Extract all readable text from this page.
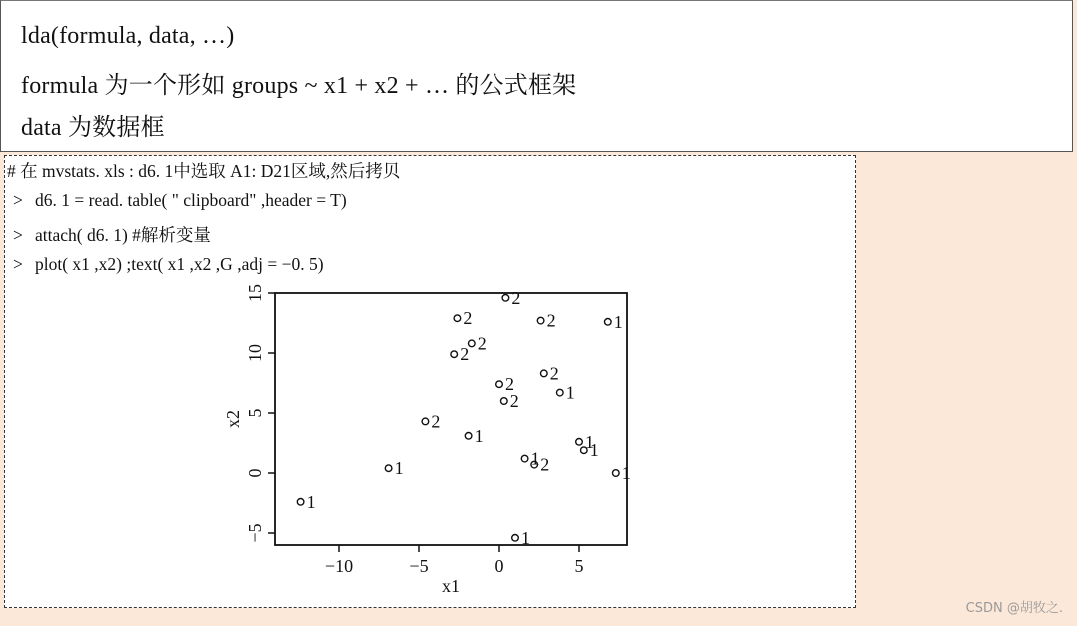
lda(formula, data, …)
formula 为一个形如 groups ~ x1 + x2 + … 的公式框架
data 为数据框
# 在 mvstats. xls : d6. 1中选取 A1: D21区域,然后拷贝
> d6. 1 = read. table( " clipboard" ,header = T)
> attach( d6. 1) #解析变量
> plot( x1 ,x2) ;text( x1 ,x2 ,G ,adj = −0. 5)
−10	−5	0	5
−5
0
5
10
15
1
1
2
2
2
2
1
2
2
2
2
2
1
1 2
1
1
1
1
1
x1
x2
CSDN @胡牧之.
